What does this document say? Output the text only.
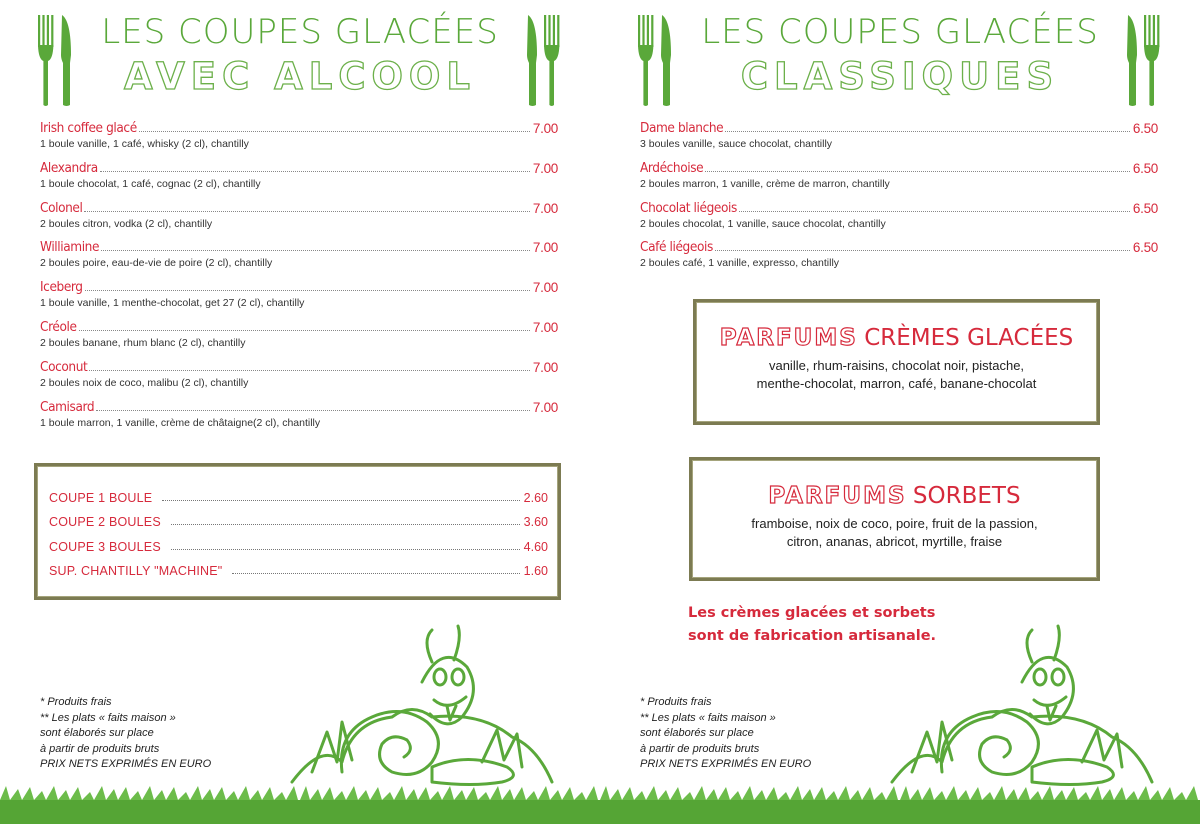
LES COUPES GLACÉES
AVEC ALCOOL
Irish coffee glacé	7.00
1 boule vanille, 1 café, whisky (2 cl), chantilly
Alexandra	7.00
1 boule chocolat, 1 café, cognac (2 cl), chantilly
Colonel	7.00
2 boules citron, vodka (2 cl), chantilly
Williamine	7.00
2 boules poire, eau-de-vie de poire (2 cl), chantilly
Iceberg	7.00
1 boule vanille, 1 menthe-chocolat, get 27 (2 cl), chantilly
Créole	7.00
2 boules banane, rhum blanc (2 cl), chantilly
Coconut	7.00
2 boules noix de coco, malibu (2 cl), chantilly
Camisard	7.00
1 boule marron, 1 vanille, crème de châtaigne(2 cl), chantilly
COUPE 1 BOULE	2.60
COUPE 2 BOULES	3.60
COUPE 3 BOULES	4.60
SUP. CHANTILLY "MACHINE"	1.60
* Produits frais
** Les plats « faits maison »
sont élaborés sur place
à partir de produits bruts
PRIX NETS EXPRIMÉS EN EURO
LES COUPES GLACÉES
CLASSIQUES
Dame blanche	6.50
3 boules vanille, sauce chocolat, chantilly
Ardéchoise	6.50
2 boules marron, 1 vanille, crème de marron, chantilly
Chocolat liégeois	6.50
2 boules chocolat, 1 vanille, sauce chocolat, chantilly
Café liégeois	6.50
2 boules café, 1 vanille, expresso, chantilly
PARFUMS CRÈMES GLACÉES
vanille, rhum-raisins, chocolat noir, pistache,
menthe-chocolat, marron, café, banane-chocolat
PARFUMS SORBETS
framboise, noix de coco, poire, fruit de la passion,
citron, ananas, abricot, myrtille, fraise
Les crèmes glacées et sorbets
sont de fabrication artisanale.
* Produits frais
** Les plats « faits maison »
sont élaborés sur place
à partir de produits bruts
PRIX NETS EXPRIMÉS EN EURO
